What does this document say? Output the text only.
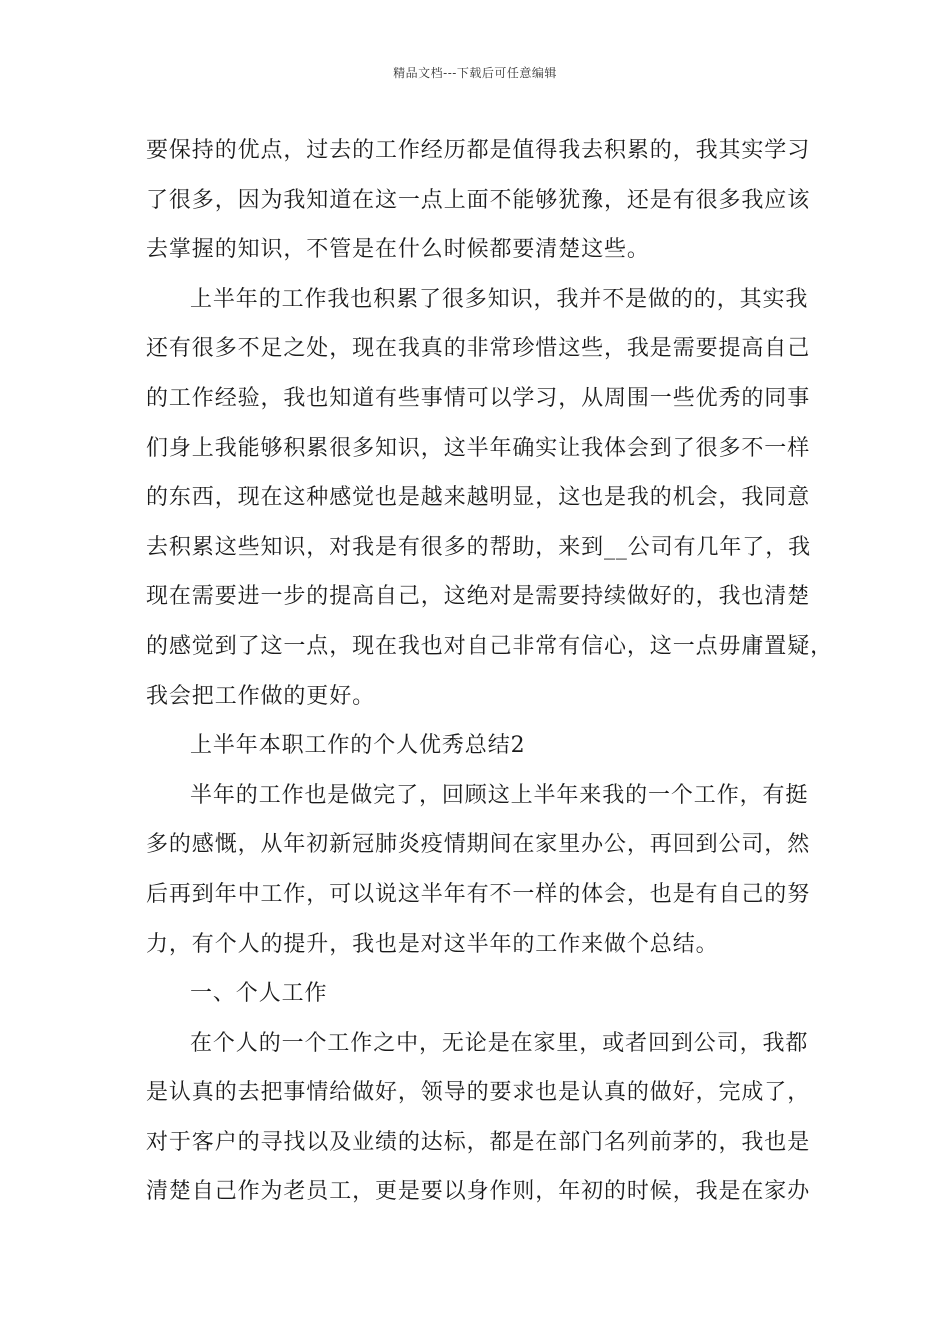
精品文档---下载后可任意编辑
要保持的优点，过去的工作经历都是值得我去积累的，我其实学习
了很多，因为我知道在这一点上面不能够犹豫，还是有很多我应该
去掌握的知识，不管是在什么时候都要清楚这些。
上半年的工作我也积累了很多知识，我并不是做的的，其实我
还有很多不足之处，现在我真的非常珍惜这些，我是需要提高自己
的工作经验，我也知道有些事情可以学习，从周围一些优秀的同事
们身上我能够积累很多知识，这半年确实让我体会到了很多不一样
的东西，现在这种感觉也是越来越明显，这也是我的机会，我同意
去积累这些知识，对我是有很多的帮助，来到__公司有几年了，我
现在需要进一步的提高自己，这绝对是需要持续做好的，我也清楚
的感觉到了这一点，现在我也对自己非常有信心，这一点毋庸置疑，
我会把工作做的更好。
上半年本职工作的个人优秀总结2
半年的工作也是做完了，回顾这上半年来我的一个工作，有挺
多的感慨，从年初新冠肺炎疫情期间在家里办公，再回到公司，然
后再到年中工作，可以说这半年有不一样的体会，也是有自己的努
力，有个人的提升，我也是对这半年的工作来做个总结。
一、个人工作
在个人的一个工作之中，无论是在家里，或者回到公司，我都
是认真的去把事情给做好，领导的要求也是认真的做好，完成了，
对于客户的寻找以及业绩的达标，都是在部门名列前茅的，我也是
清楚自己作为老员工，更是要以身作则，年初的时候，我是在家办
